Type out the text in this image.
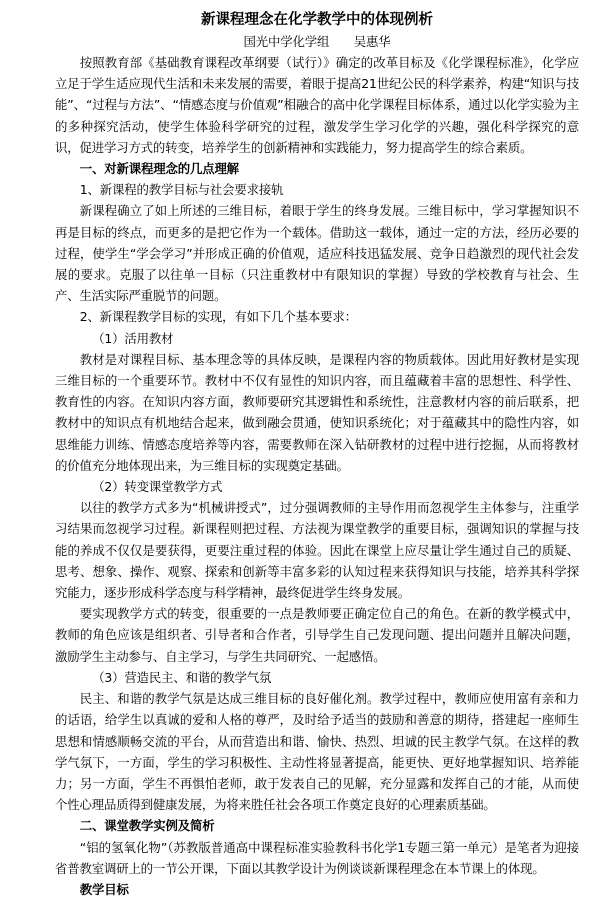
新课程理念在化学教学中的体现例析

国光中学化学组　　吴惠华

按照教育部《基础教育课程改革纲要（试行）》确定的改革目标及《化学课程标准》，化学应立足于学生适应现代生活和未来发展的需要，着眼于提高21世纪公民的科学素养，构建“知识与技能”、“过程与方法”、“情感态度与价值观”相融合的高中化学课程目标体系，通过以化学实验为主的多种探究活动，使学生体验科学研究的过程，激发学生学习化学的兴趣，强化科学探究的意识，促进学习方式的转变，培养学生的创新精神和实践能力，努力提高学生的综合素质。

一、对新课程理念的几点理解

1、新课程的教学目标与社会要求接轨

新课程确立了如上所述的三维目标，着眼于学生的终身发展。三维目标中，学习掌握知识不再是目标的终点，而更多的是把它作为一个载体。借助这一载体，通过一定的方法，经历必要的过程，使学生“学会学习”并形成正确的价值观，适应科技迅猛发展、竞争日趋激烈的现代社会发展的要求。克服了以往单一目标（只注重教材中有限知识的掌握）导致的学校教育与社会、生产、生活实际严重脱节的问题。

2、新课程教学目标的实现，有如下几个基本要求：

（1）活用教材

教材是对课程目标、基本理念等的具体反映，是课程内容的物质载体。因此用好教材是实现三维目标的一个重要环节。教材中不仅有显性的知识内容，而且蕴藏着丰富的思想性、科学性、教育性的内容。在知识内容方面，教师要研究其逻辑性和系统性，注意教材内容的前后联系，把教材中的知识点有机地结合起来，做到融会贯通，使知识系统化；对于蕴藏其中的隐性内容，如思维能力训练、情感态度培养等内容，需要教师在深入钻研教材的过程中进行挖掘，从而将教材的价值充分地体现出来，为三维目标的实现奠定基础。

（2）转变课堂教学方式

以往的教学方式多为“机械讲授式”，过分强调教师的主导作用而忽视学生主体参与，注重学习结果而忽视学习过程。新课程则把过程、方法视为课堂教学的重要目标，强调知识的掌握与技能的养成不仅仅是要获得，更要注重过程的体验。因此在课堂上应尽量让学生通过自己的质疑、思考、想象、操作、观察、探索和创新等丰富多彩的认知过程来获得知识与技能，培养其科学探究能力，逐步形成科学态度与科学精神，最终促进学生终身发展。

要实现教学方式的转变，很重要的一点是教师要正确定位自己的角色。在新的教学模式中，教师的角色应该是组织者、引导者和合作者，引导学生自己发现问题、提出问题并且解决问题，激励学生主动参与、自主学习，与学生共同研究、一起感悟。

（3）营造民主、和谐的教学气氛

民主、和谐的教学气氛是达成三维目标的良好催化剂。教学过程中，教师应使用富有亲和力的话语，给学生以真诚的爱和人格的尊严，及时给予适当的鼓励和善意的期待，搭建起一座师生思想和情感顺畅交流的平台，从而营造出和谐、愉快、热烈、坦诚的民主教学气氛。在这样的教学气氛下，一方面，学生的学习积极性、主动性将显著提高，能更快、更好地掌握知识、培养能力；另一方面，学生不再惧怕老师，敢于发表自己的见解，充分显露和发挥自己的才能，从而使个性心理品质得到健康发展，为将来胜任社会各项工作奠定良好的心理素质基础。

二、课堂教学实例及简析

“铝的氢氧化物”（苏教版普通高中课程标准实验教科书化学1专题三第一单元）是笔者为迎接省普教室调研上的一节公开课，下面以其教学设计为例谈谈新课程理念在本节课上的体现。

教学目标
